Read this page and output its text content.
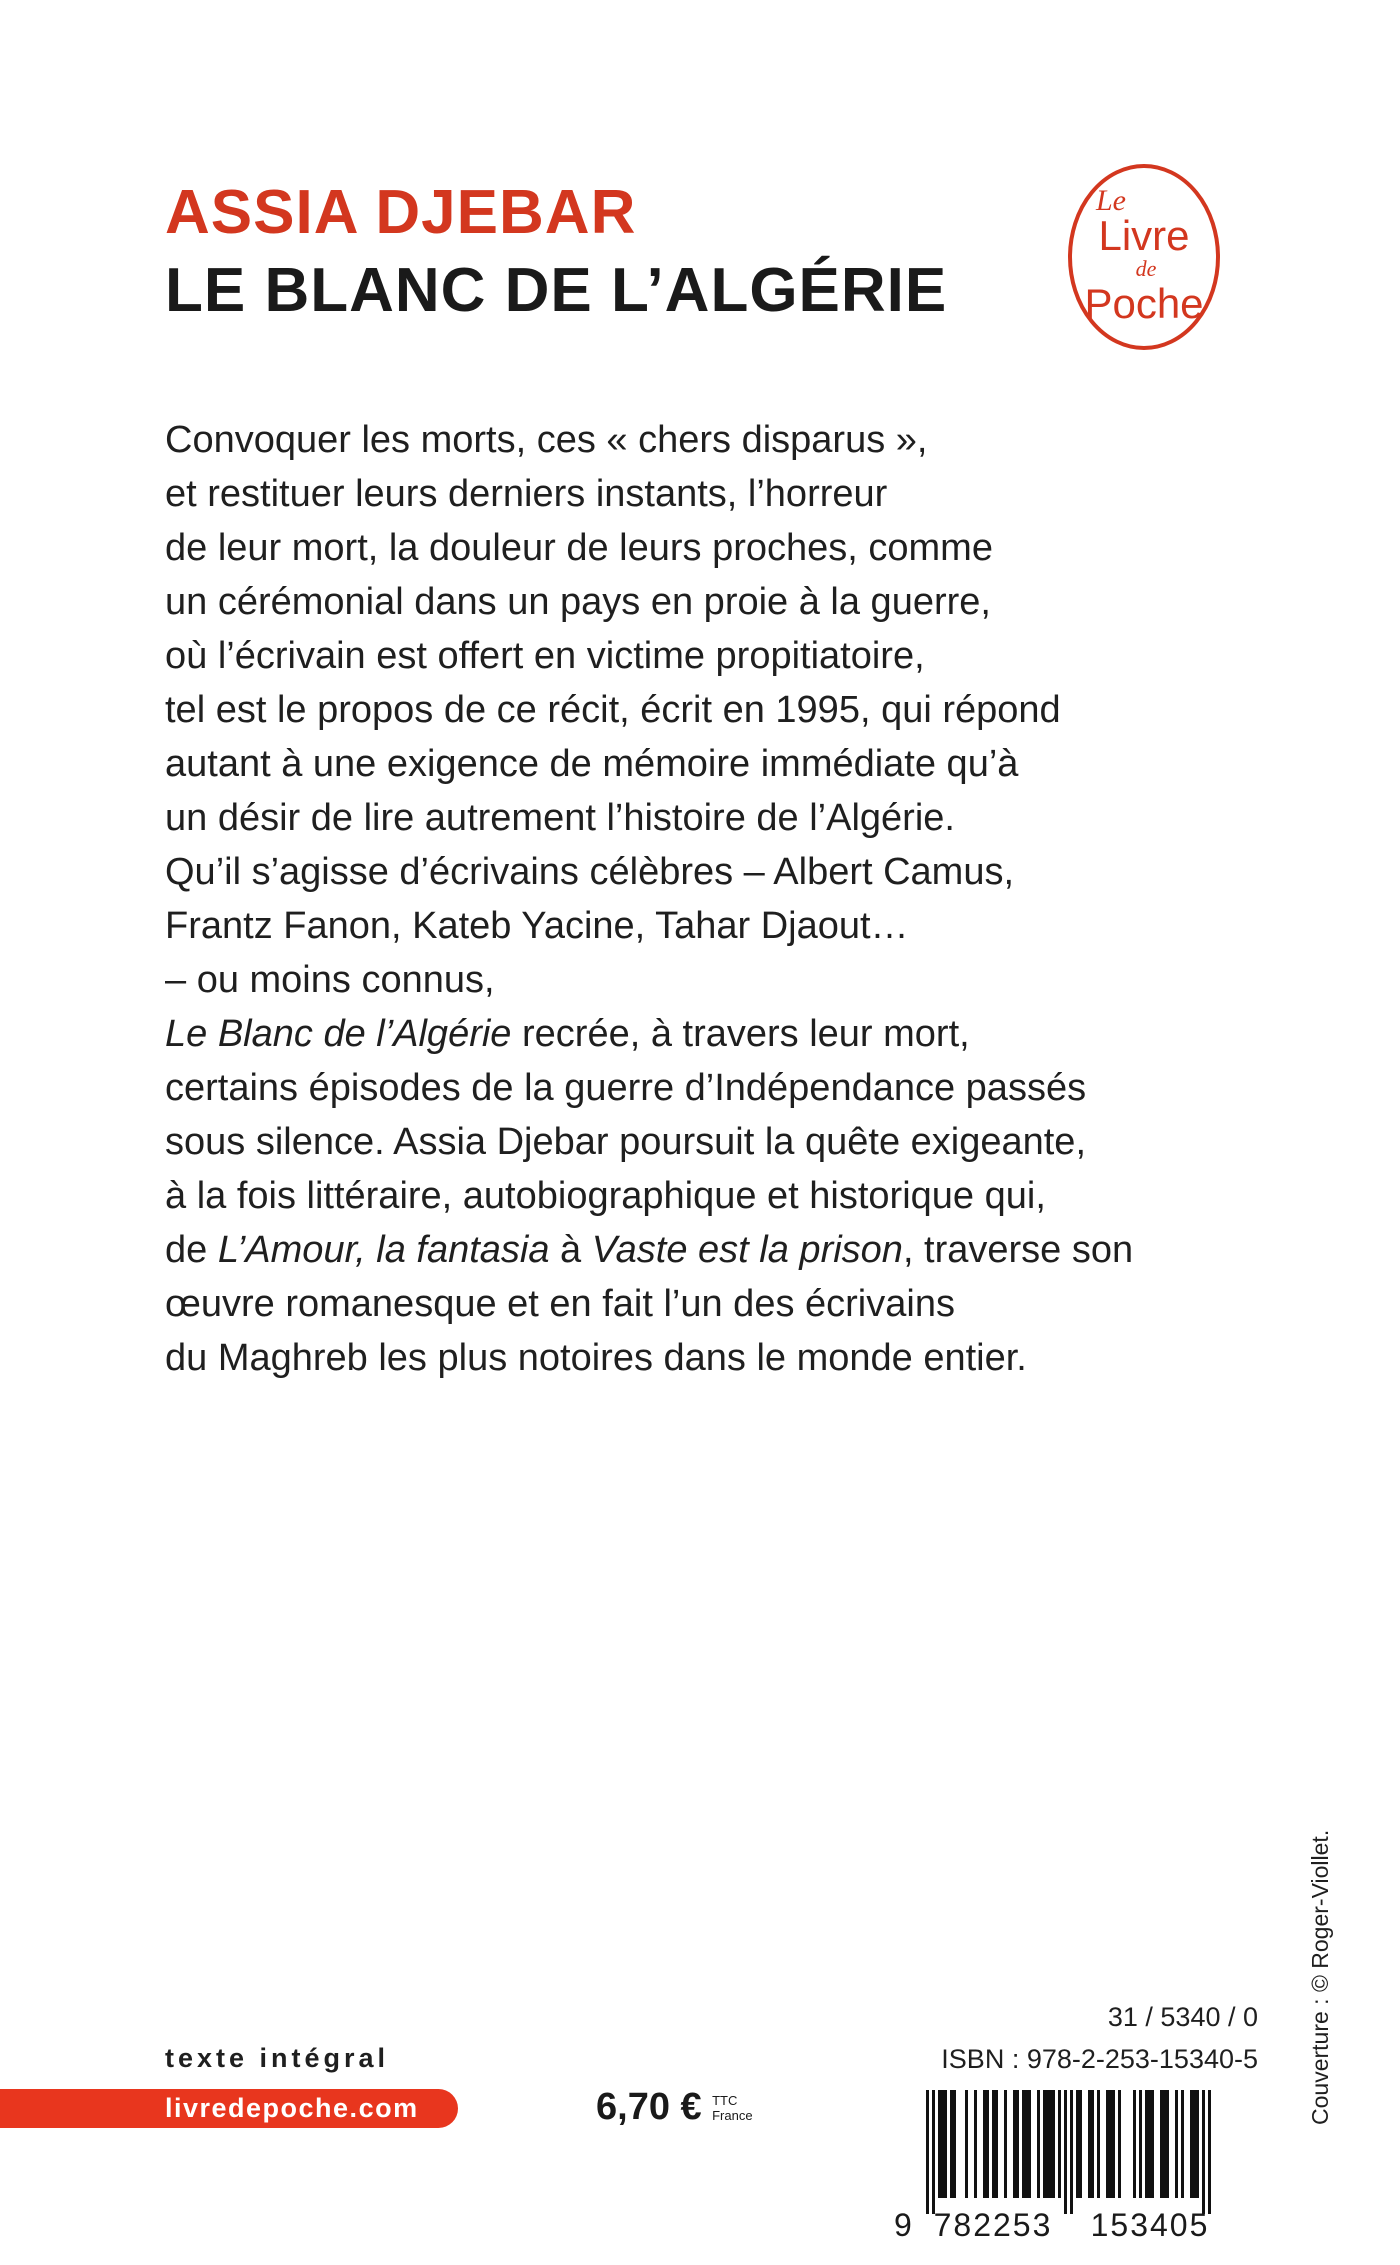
ASSIA DJEBAR
LE BLANC DE L’ALGÉRIE
Le
Livre
de
Poche
Convoquer les morts, ces « chers disparus »,
et restituer leurs derniers instants, l’horreur
de leur mort, la douleur de leurs proches, comme
un cérémonial dans un pays en proie à la guerre,
où l’écrivain est offert en victime propitiatoire,
tel est le propos de ce récit, écrit en 1995, qui répond
autant à une exigence de mémoire immédiate qu’à
un désir de lire autrement l’histoire de l’Algérie.
Qu’il s’agisse d’écrivains célèbres – Albert Camus,
Frantz Fanon, Kateb Yacine, Tahar Djaout…
– ou moins connus,
Le Blanc de l’Algérie recrée, à travers leur mort,
certains épisodes de la guerre d’Indépendance passés
sous silence. Assia Djebar poursuit la quête exigeante,
à la fois littéraire, autobiographique et historique qui,
de L’Amour, la fantasia à Vaste est la prison, traverse son
œuvre romanesque et en fait l’un des écrivains
du Maghreb les plus notoires dans le monde entier.
Couverture : © Roger-Viollet.
texte intégral
livredepoche.com	6,70 € TTC
France
31 / 5340 / 0
ISBN : 978-2-253-15340-5
9 782253 153405
